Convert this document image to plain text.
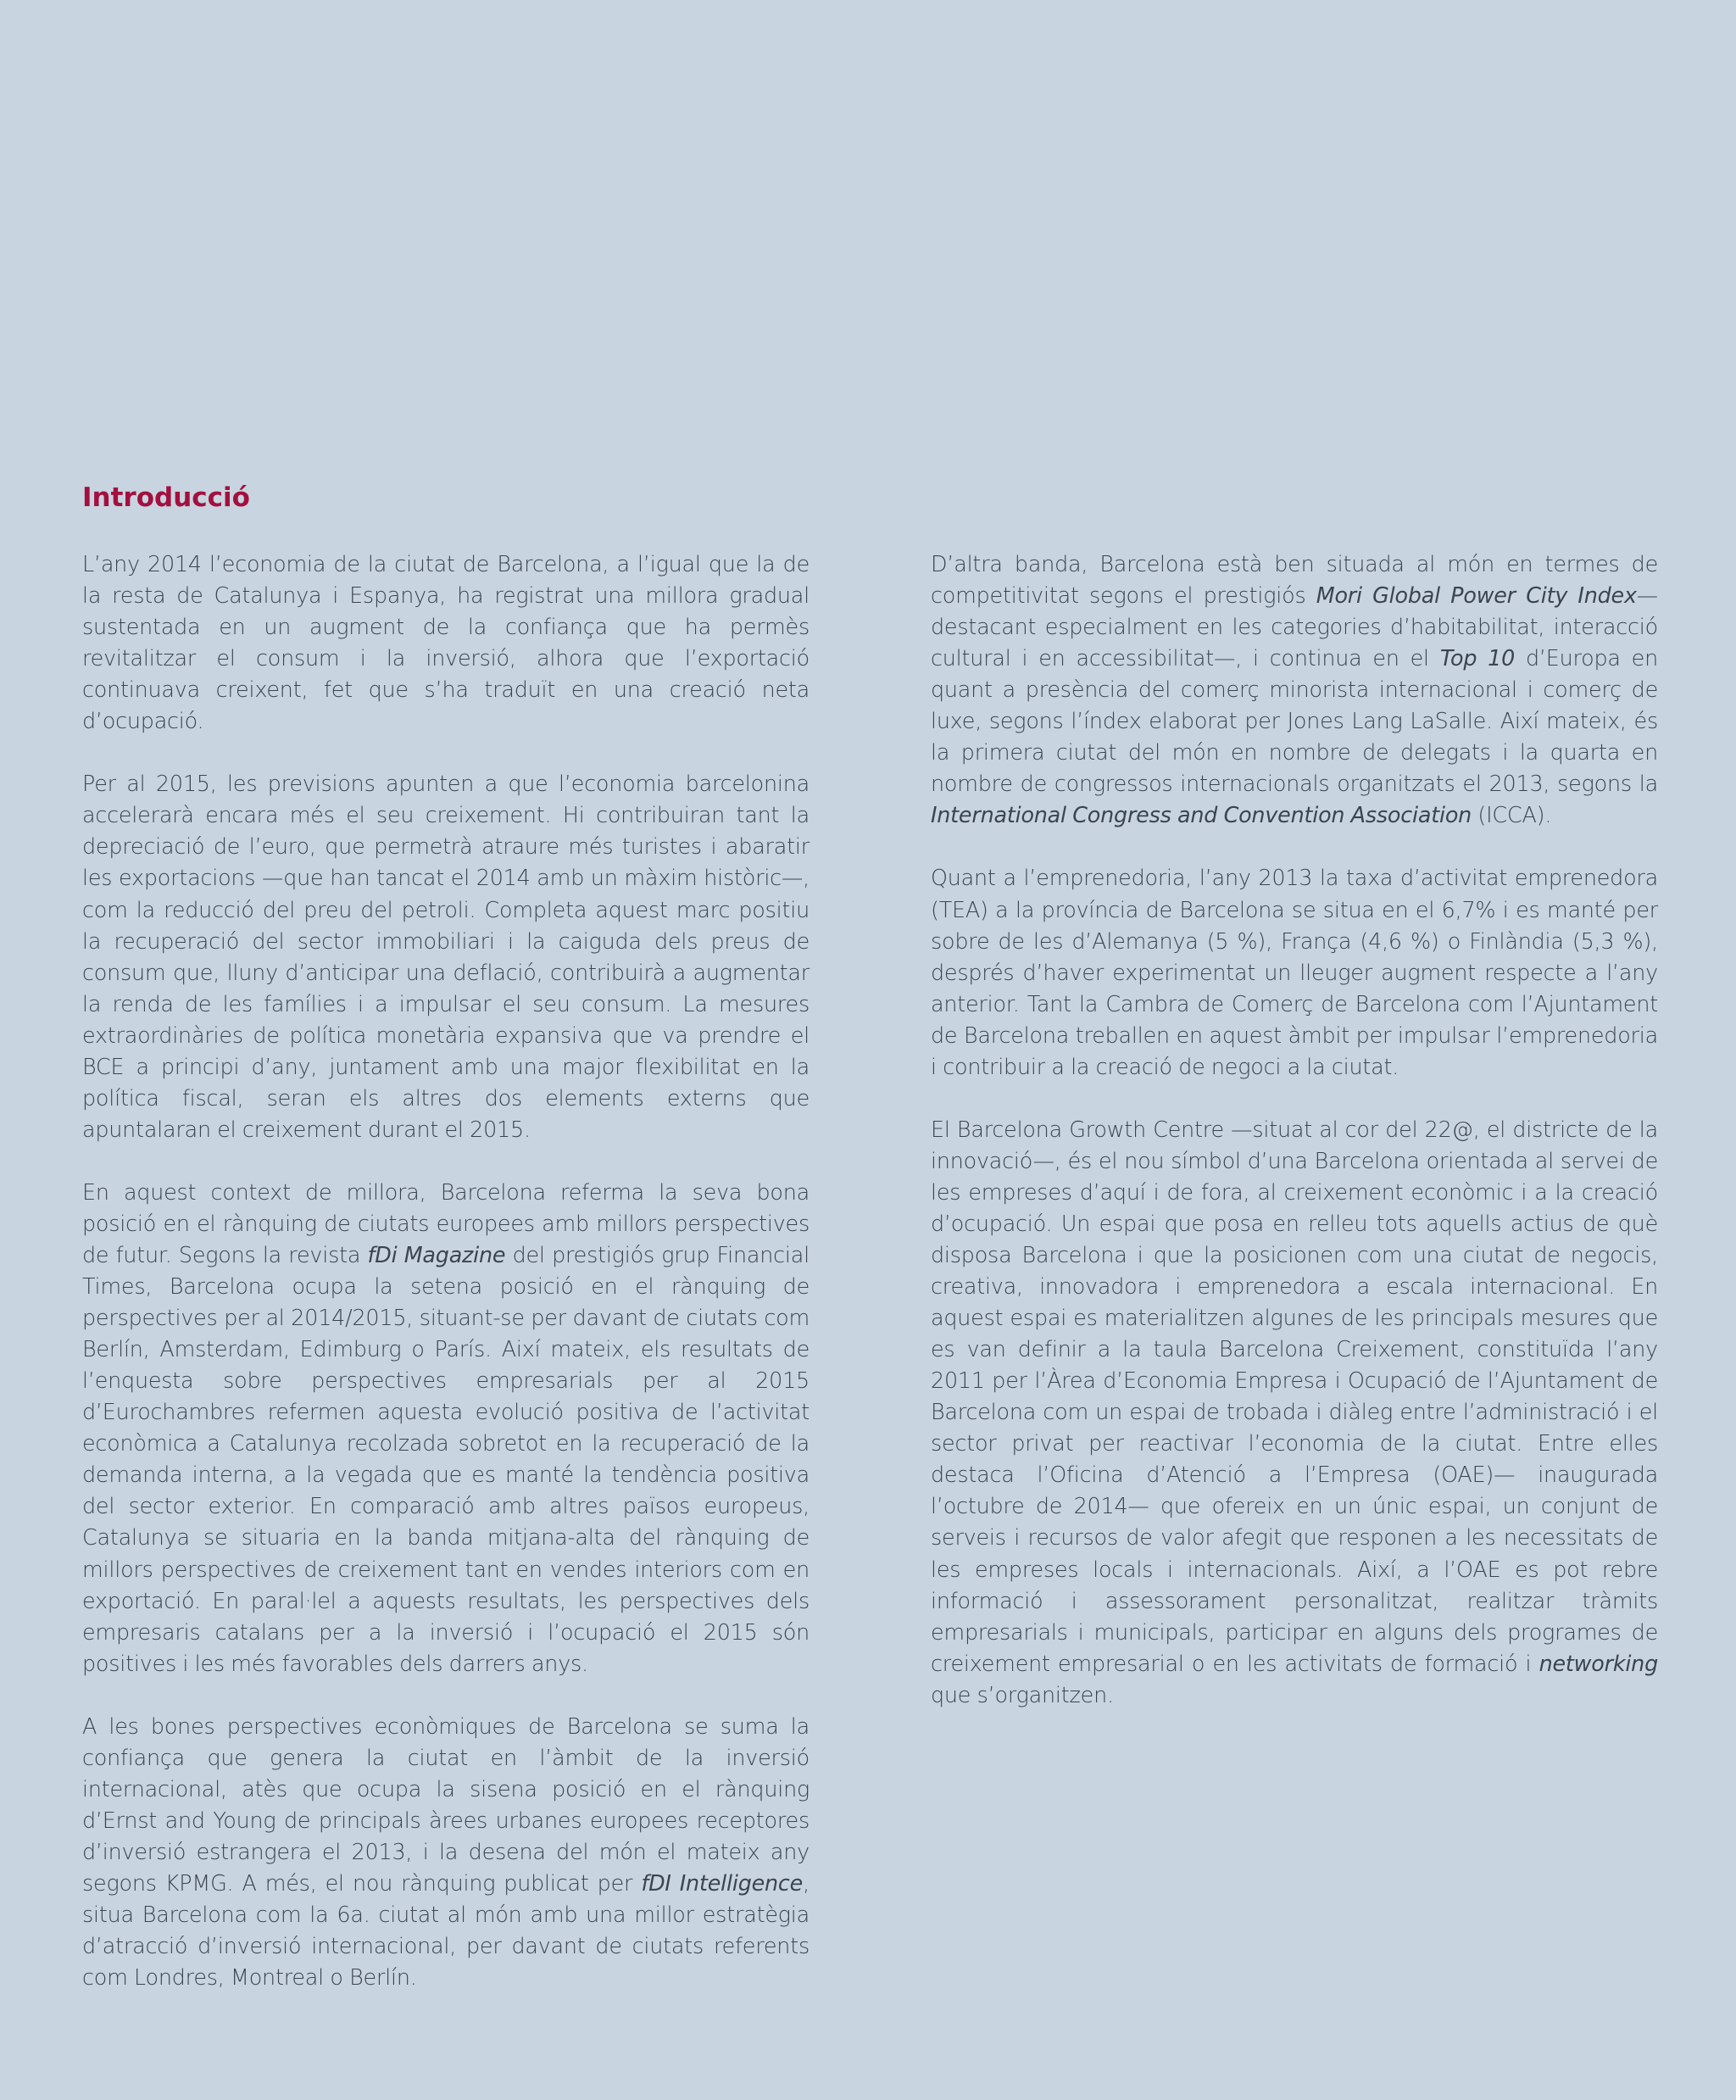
Introducció

L’any 2014 l’economia de la ciutat de Barcelona, a l’igual que la de la resta de Catalunya i Espanya, ha registrat una millora gradual sustentada en un augment de la confiança que ha permès revitalitzar el consum i la inversió, alhora que l’exportació continuava creixent, fet que s’ha traduït en una creació neta d’ocupació.

Per al 2015, les previsions apunten a que l’economia barcelonina accelerarà encara més el seu creixement. Hi contribuiran tant la depreciació de l’euro, que permetrà atraure més turistes i abaratir les exportacions —que han tancat el 2014 amb un màxim històric—, com la reducció del preu del petroli. Completa aquest marc positiu la recuperació del sector immobiliari i la caiguda dels preus de consum que, lluny d’anticipar una deflació, contribuirà a augmentar la renda de les famílies i a impulsar el seu consum. La mesures extraordinàries de política monetària expansiva que va prendre el BCE a principi d’any, juntament amb una major flexibilitat en la política fiscal, seran els altres dos elements externs que apuntalaran el creixement durant el 2015.

En aquest context de millora, Barcelona referma la seva bona posició en el rànquing de ciutats europees amb millors perspectives de futur. Segons la revista fDi Magazine del prestigiós grup Financial Times, Barcelona ocupa la setena posició en el rànquing de perspectives per al 2014/2015, situant-se per davant de ciutats com Berlín, Amsterdam, Edimburg o París. Així mateix, els resultats de l’enquesta sobre perspectives empresarials per al 2015 d’Eurochambres refermen aquesta evolució positiva de l’activitat econòmica a Catalunya recolzada sobretot en la recuperació de la demanda interna, a la vegada que es manté la tendència positiva del sector exterior. En comparació amb altres països europeus, Catalunya se situaria en la banda mitjana-alta del rànquing de millors perspectives de creixement tant en vendes interiors com en exportació. En paral·lel a aquests resultats, les perspectives dels empresaris catalans per a la inversió i l’ocupació el 2015 són positives i les més favorables dels darrers anys.

A les bones perspectives econòmiques de Barcelona se suma la confiança que genera la ciutat en l’àmbit de la inversió internacional, atès que ocupa la sisena posició en el rànquing d’Ernst and Young de principals àrees urbanes europees receptores d’inversió estrangera el 2013, i la desena del món el mateix any segons KPMG. A més, el nou rànquing publicat per fDI Intelligence, situa Barcelona com la 6a. ciutat al món amb una millor estratègia d’atracció d’inversió internacional, per davant de ciutats referents com Londres, Montreal o Berlín.

D’altra banda, Barcelona està ben situada al món en termes de competitivitat segons el prestigiós Mori Global Power City Index—destacant especialment en les categories d’habitabilitat, interacció cultural i en accessibilitat—, i continua en el Top 10 d’Europa en quant a presència del comerç minorista internacional i comerç de luxe, segons l’índex elaborat per Jones Lang LaSalle. Així mateix, és la primera ciutat del món en nombre de delegats i la quarta en nombre de congressos internacionals organitzats el 2013, segons la International Congress and Convention Association (ICCA).

Quant a l’emprenedoria, l’any 2013 la taxa d’activitat emprenedora (TEA) a la província de Barcelona se situa en el 6,7% i es manté per sobre de les d’Alemanya (5 %), França (4,6 %) o Finlàndia (5,3 %), després d’haver experimentat un lleuger augment respecte a l’any anterior. Tant la Cambra de Comerç de Barcelona com l’Ajuntament de Barcelona treballen en aquest àmbit per impulsar l’emprenedoria i contribuir a la creació de negoci a la ciutat.

El Barcelona Growth Centre —situat al cor del 22@, el districte de la innovació—, és el nou símbol d’una Barcelona orientada al servei de les empreses d’aquí i de fora, al creixement econòmic i a la creació d’ocupació. Un espai que posa en relleu tots aquells actius de què disposa Barcelona i que la posicionen com una ciutat de negocis, creativa, innovadora i emprenedora a escala internacional. En aquest espai es materialitzen algunes de les principals mesures que es van definir a la taula Barcelona Creixement, constituïda l’any 2011 per l’Àrea d’Economia Empresa i Ocupació de l’Ajuntament de Barcelona com un espai de trobada i diàleg entre l’administració i el sector privat per reactivar l’economia de la ciutat. Entre elles destaca l’Oficina d’Atenció a l’Empresa (OAE)— inaugurada l’octubre de 2014— que ofereix en un únic espai, un conjunt de serveis i recursos de valor afegit que responen a les necessitats de les empreses locals i internacionals. Així, a l’OAE es pot rebre informació i assessorament personalitzat, realitzar tràmits empresarials i municipals, participar en alguns dels programes de creixement empresarial o en les activitats de formació i networking que s’organitzen.
